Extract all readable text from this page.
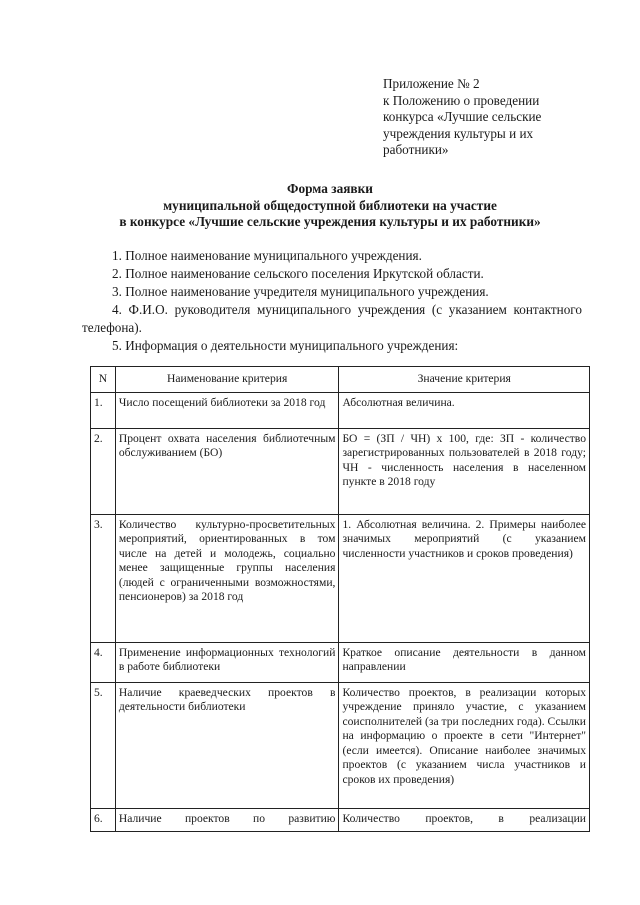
Приложение № 2
к Положению о проведении
конкурса «Лучшие сельские
учреждения культуры и их
работники»
Форма заявки
муниципальной общедоступной библиотеки на участие
в конкурсе «Лучшие сельские учреждения культуры и их работники»
1. Полное наименование муниципального учреждения.
2. Полное наименование сельского поселения Иркутской области.
3. Полное наименование учредителя муниципального учреждения.
4. Ф.И.О. руководителя муниципального учреждения (с указанием контактного телефона).
5. Информация о деятельности муниципального учреждения:
N	Наименование критерия	Значение критерия
1.	Число посещений библиотеки за 2018 год	Абсолютная величина.
2.	Процент охвата населения библиотечным обслуживанием (БО)	БО = (ЗП / ЧН) х 100, где: ЗП - количество зарегистрированных пользователей в 2018 году; ЧН - численность населения в населенном пункте в 2018 году
3.	Количество культурно-просветительных мероприятий, ориентированных в том числе на детей и молодежь, социально менее защищенные группы населения (людей с ограниченными возможностями, пенсионеров) за 2018 год	1. Абсолютная величина. 2. Примеры наиболее значимых мероприятий (с указанием численности участников и сроков проведения)
4.	Применение информационных технологий в работе библиотеки	Краткое описание деятельности в данном направлении
5.	Наличие краеведческих проектов в деятельности библиотеки	Количество проектов, в реализации которых учреждение приняло участие, с указанием соисполнителей (за три последних года). Ссылки на информацию о проекте в сети "Интернет" (если имеется). Описание наиболее значимых проектов (с указанием числа участников и сроков их проведения)
6.	Наличие проектов по развитию	Количество проектов, в реализации
